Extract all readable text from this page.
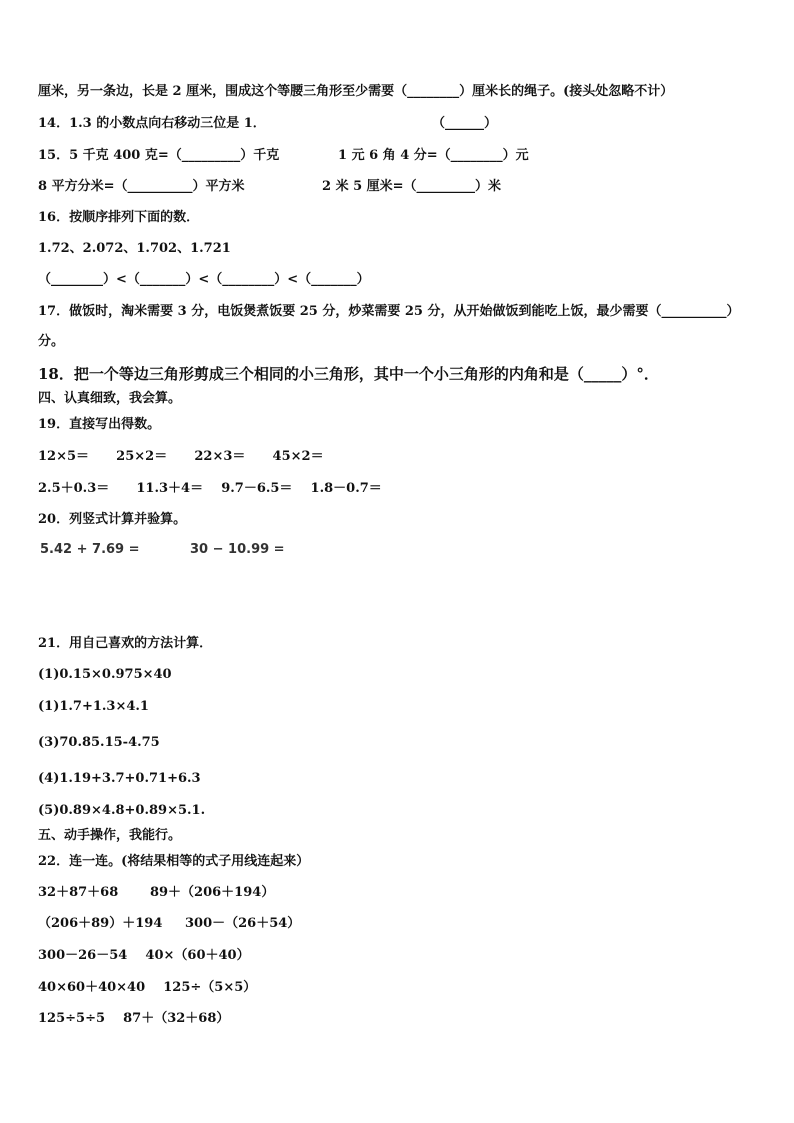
厘米，另一条边，长是 2 厘米，围成这个等腰三角形至少需要（________）厘米长的绳子。(接头处忽略不计）
14．1.3 的小数点向右移动三位是 1．	（______）
15．5 千克 400 克=（_________）千克	1 元 6 角 4 分=（________）元
8 平方分米=（__________）平方米	2 米 5 厘米=（_________）米
16．按顺序排列下面的数．
1.72、2.072、1.702、1.721
（________）<（_______）<（________）<（_______）
17．做饭时，淘米需要 3 分，电饭煲煮饭要 25 分，炒菜需要 25 分，从开始做饭到能吃上饭，最少需要（__________）
分。
18．把一个等边三角形剪成三个相同的小三角形，其中一个小三角形的内角和是（_____）°．
四、认真细致，我会算。
19．直接写出得数。
12×5＝      25×2＝      22×3＝      45×2＝
2.5＋0.3＝      11.3＋4＝    9.7－6.5＝    1.8－0.7＝
20．列竖式计算并验算。
5.42 + 7.69 =	30 − 10.99 =
21．用自己喜欢的方法计算．
(1)0.15×0.975×40
(1)1.7+1.3×4.1
(3)70.85.15-4.75
(4)1.19+3.7+0.71+6.3
(5)0.89×4.8+0.89×5.1.
五、动手操作，我能行。
22．连一连。(将结果相等的式子用线连起来）
32＋87＋68       89＋（206＋194）
（206＋89）＋194     300－（26＋54）
300－26－54    40×（60＋40）
40×60＋40×40    125÷（5×5）
125÷5÷5    87＋（32＋68）
